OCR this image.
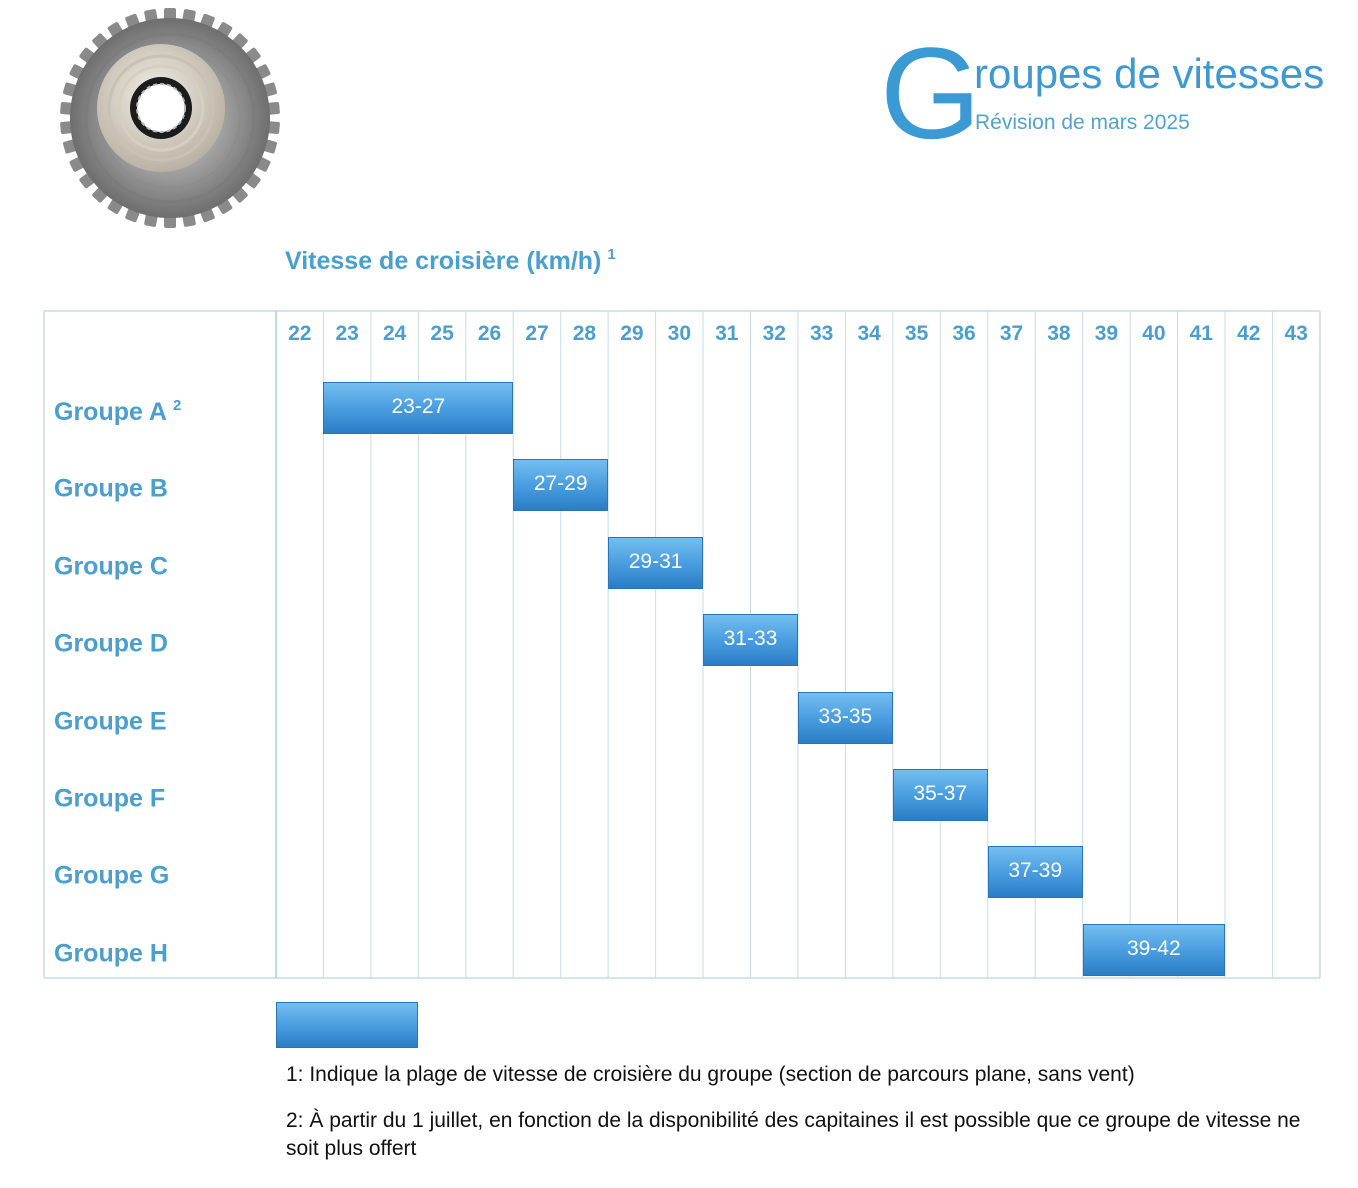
G
roupes de vitesses
Révision de mars 2025
Vitesse de croisière (km/h) $^1$
22	23	24	25	26	27	28	29	30	31	32	33	34	35	36	37	38	39	40	41	42	43
Groupe A $^2$	23-27
Groupe B	27-29
Groupe C	29-31
Groupe D	31-33
Groupe E	33-35
Groupe F	35-37
Groupe G	37-39
Groupe H	39-42
1: Indique la plage de vitesse de croisière du groupe (section de parcours plane, sans vent)
2: À partir du 1 juillet, en fonction de la disponibilité des capitaines il est possible que ce groupe de vitesse ne soit plus offert
